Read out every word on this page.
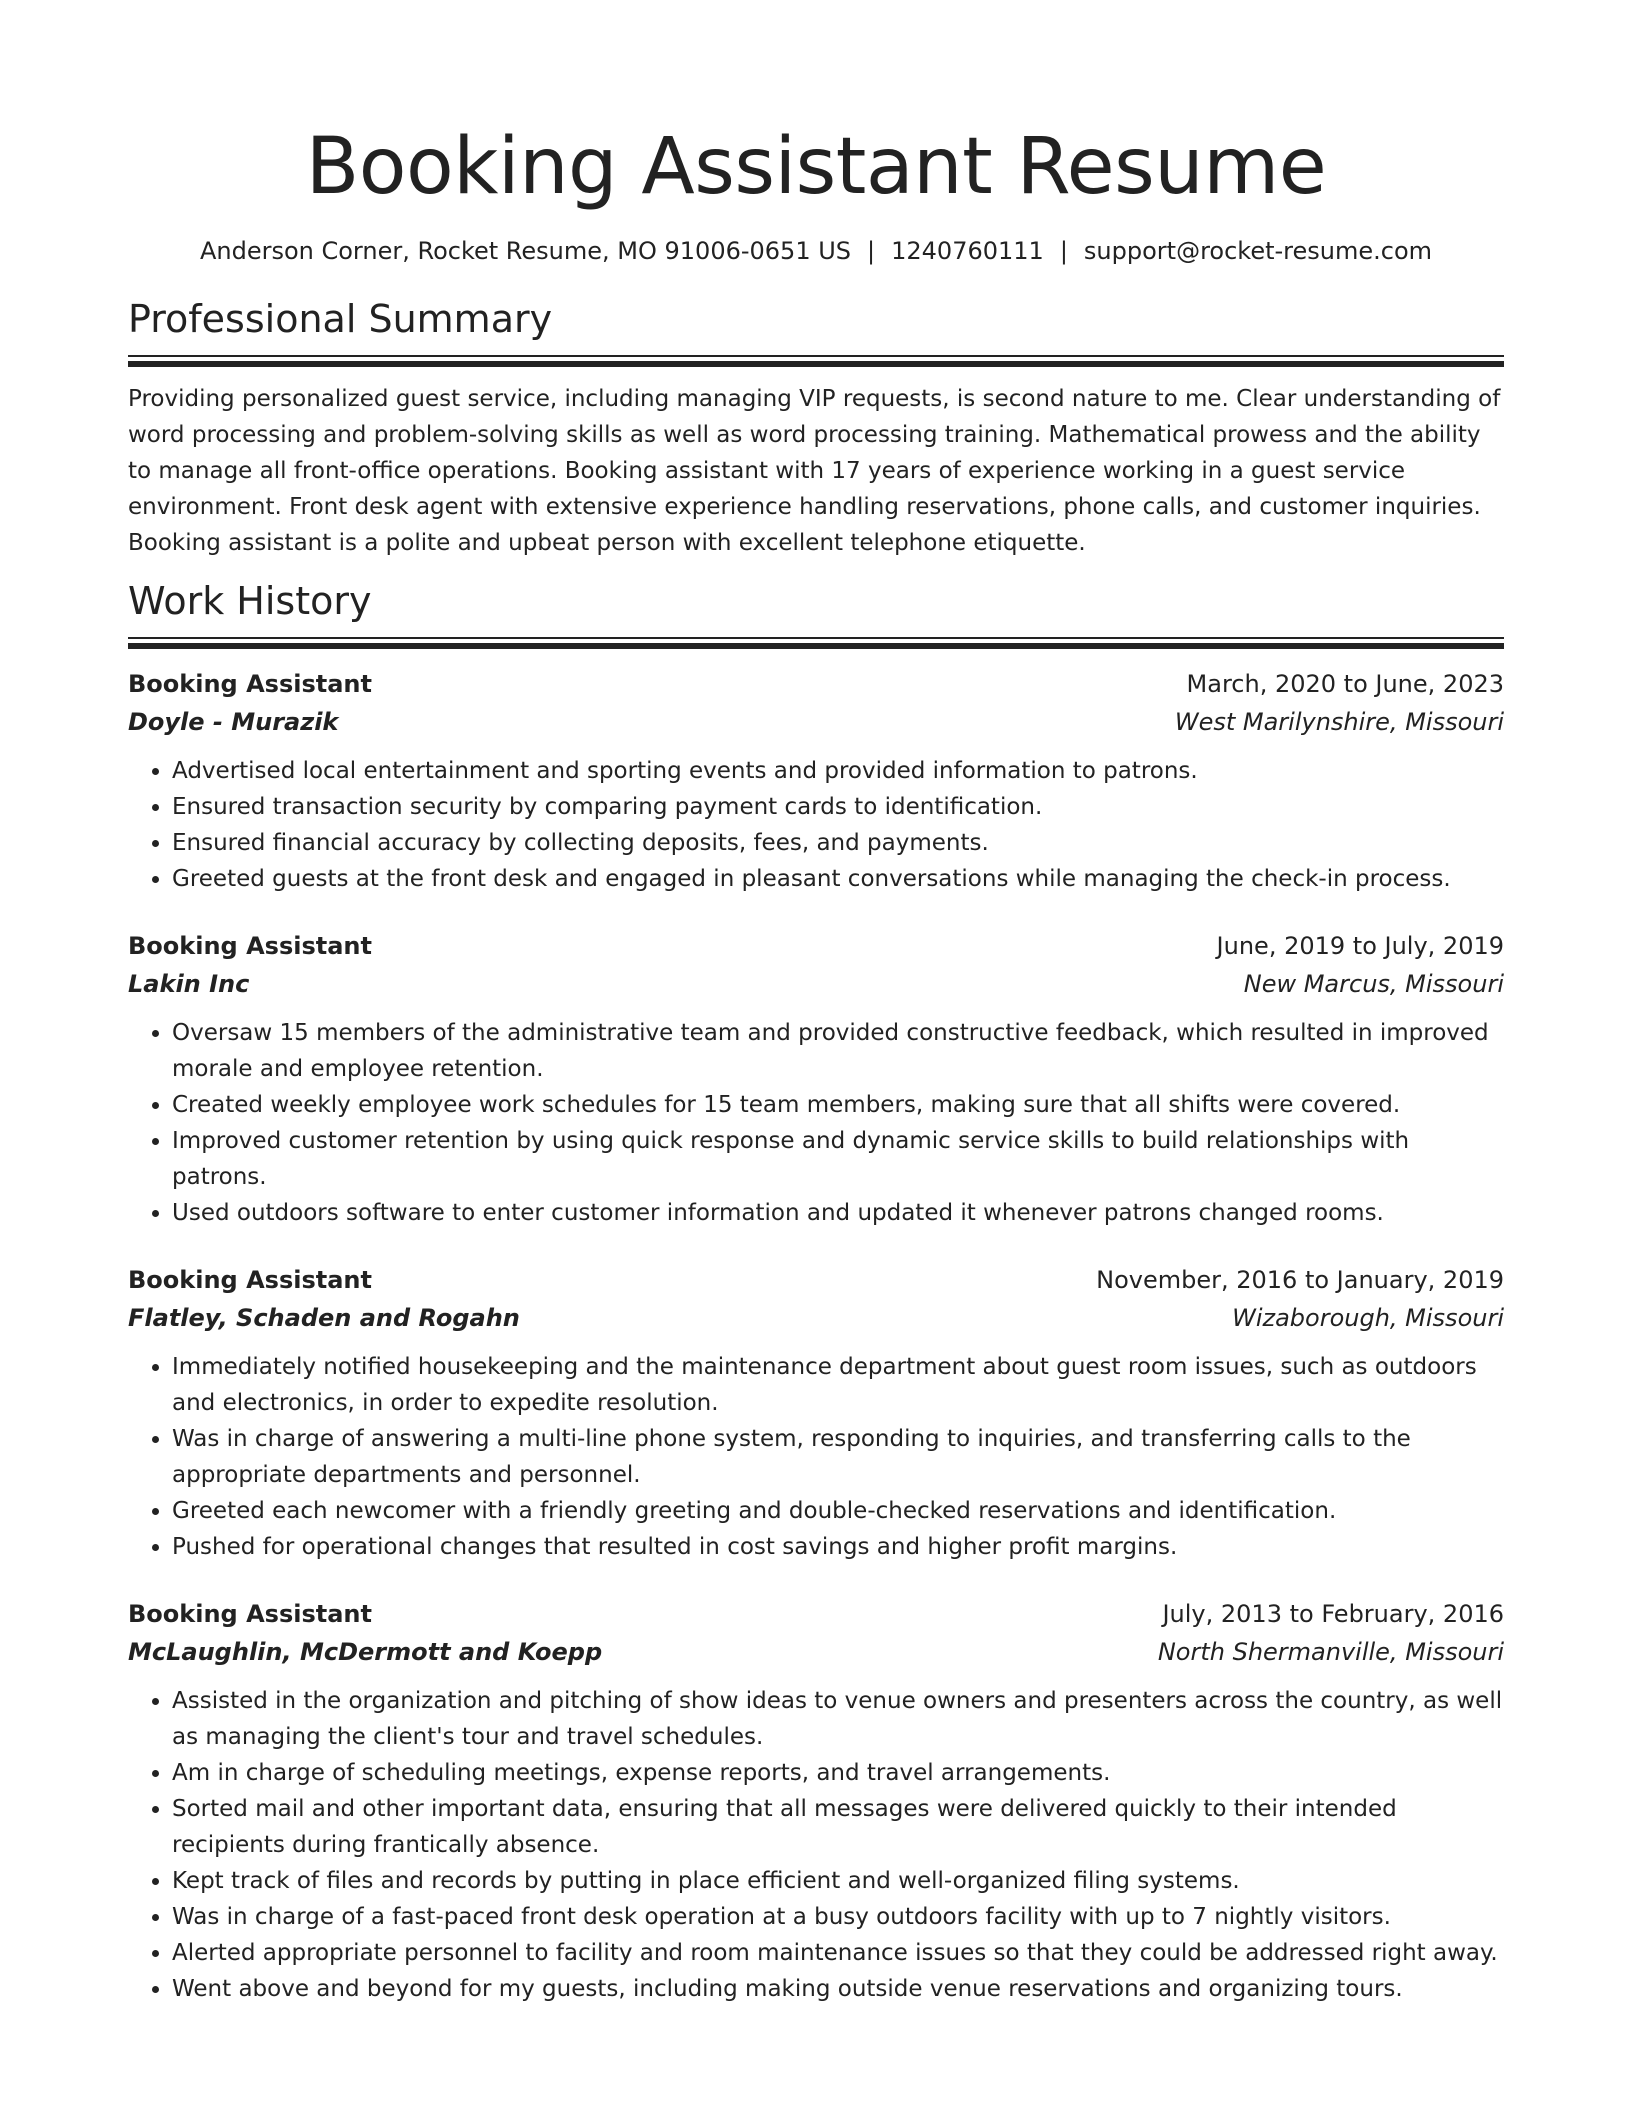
Booking Assistant Resume
Anderson Corner, Rocket Resume, MO 91006-0651 US | 1240760111 | support@rocket-resume.com
Professional Summary

Providing personalized guest service, including managing VIP requests, is second nature to me. Clear understanding of word processing and problem-solving skills as well as word processing training. Mathematical prowess and the ability to manage all front-office operations. Booking assistant with 17 years of experience working in a guest service environment. Front desk agent with extensive experience handling reservations, phone calls, and customer inquiries. Booking assistant is a polite and upbeat person with excellent telephone etiquette.

Work History
Booking Assistant	March, 2020 to June, 2023
Doyle - Murazik	West Marilynshire, Missouri
• Advertised local entertainment and sporting events and provided information to patrons.
• Ensured transaction security by comparing payment cards to identification.
• Ensured financial accuracy by collecting deposits, fees, and payments.
• Greeted guests at the front desk and engaged in pleasant conversations while managing the check-in process.
Booking Assistant	June, 2019 to July, 2019
Lakin Inc	New Marcus, Missouri
• Oversaw 15 members of the administrative team and provided constructive feedback, which resulted in improved morale and employee retention.
• Created weekly employee work schedules for 15 team members, making sure that all shifts were covered.
• Improved customer retention by using quick response and dynamic service skills to build relationships with patrons.
• Used outdoors software to enter customer information and updated it whenever patrons changed rooms.
Booking Assistant	November, 2016 to January, 2019
Flatley, Schaden and Rogahn	Wizaborough, Missouri
• Immediately notified housekeeping and the maintenance department about guest room issues, such as outdoors and electronics, in order to expedite resolution.
• Was in charge of answering a multi-line phone system, responding to inquiries, and transferring calls to the appropriate departments and personnel.
• Greeted each newcomer with a friendly greeting and double-checked reservations and identification.
• Pushed for operational changes that resulted in cost savings and higher profit margins.
Booking Assistant	July, 2013 to February, 2016
McLaughlin, McDermott and Koepp	North Shermanville, Missouri
• Assisted in the organization and pitching of show ideas to venue owners and presenters across the country, as well as managing the client's tour and travel schedules.
• Am in charge of scheduling meetings, expense reports, and travel arrangements.
• Sorted mail and other important data, ensuring that all messages were delivered quickly to their intended recipients during frantically absence.
• Kept track of files and records by putting in place efficient and well-organized filing systems.
• Was in charge of a fast-paced front desk operation at a busy outdoors facility with up to 7 nightly visitors.
• Alerted appropriate personnel to facility and room maintenance issues so that they could be addressed right away.
• Went above and beyond for my guests, including making outside venue reservations and organizing tours.
